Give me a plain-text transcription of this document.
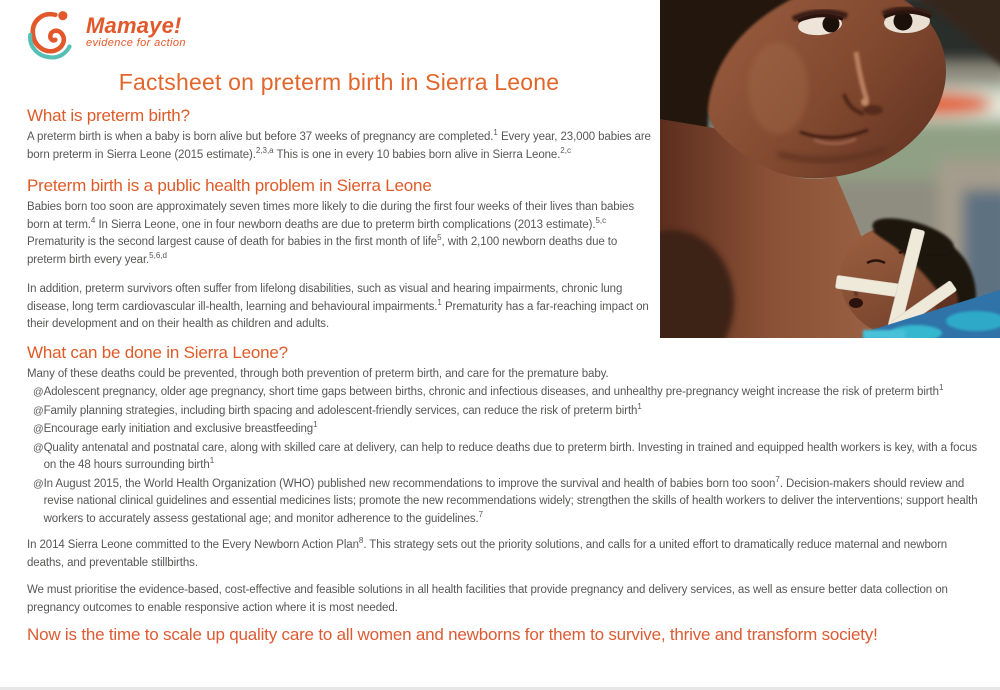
Mamaye!
evidence for action
Factsheet on preterm birth in Sierra Leone
What is preterm birth?

A preterm birth is when a baby is born alive but before 37 weeks of pregnancy are completed.$^1$ Every year, 23,000 babies are born preterm in Sierra Leone (2015 estimate).$^{2,3,a}$ This is one in every 10 babies born alive in Sierra Leone.$^{2,c}$

Preterm birth is a public health problem in Sierra Leone

Babies born too soon are approximately seven times more likely to die during the first four weeks of their lives than babies born at term.$^4$ In Sierra Leone, one in four newborn deaths are due to preterm birth complications (2013 estimate).$^{5,c}$ Prematurity is the second largest cause of death for babies in the first month of life$^5$, with 2,100 newborn deaths due to preterm birth every year.$^{5,6,d}$

In addition, preterm survivors often suffer from lifelong disabilities, such as visual and hearing impairments, chronic lung disease, long term cardiovascular ill-health, learning and behavioural impairments.$^1$ Prematurity has a far-reaching impact on their development and on their health as children and adults.

What can be done in Sierra Leone?

Many of these deaths could be prevented, through both prevention of preterm birth, and care for the premature baby.

@ Adolescent pregnancy, older age pregnancy, short time gaps between births, chronic and infectious diseases, and unhealthy pre-pregnancy weight increase the risk of preterm birth$^1$
@ Family planning strategies, including birth spacing and adolescent-friendly services, can reduce the risk of preterm birth$^1$
@ Encourage early initiation and exclusive breastfeeding$^1$
@ Quality antenatal and postnatal care, along with skilled care at delivery, can help to reduce deaths due to preterm birth. Investing in trained and equipped health workers is key, with a focus on the 48 hours surrounding birth$^1$
@ In August 2015, the World Health Organization (WHO) published new recommendations to improve the survival and health of babies born too soon$^7$. Decision-makers should review and revise national clinical guidelines and essential medicines lists; promote the new recommendations widely; strengthen the skills of health workers to deliver the interventions; support health workers to accurately assess gestational age; and monitor adherence to the guidelines.$^7$

In 2014 Sierra Leone committed to the Every Newborn Action Plan$^8$. This strategy sets out the priority solutions, and calls for a united effort to dramatically reduce maternal and newborn deaths, and preventable stillbirths.

We must prioritise the evidence-based, cost-effective and feasible solutions in all health facilities that provide pregnancy and delivery services, as well as ensure better data collection on pregnancy outcomes to enable responsive action where it is most needed.

Now is the time to scale up quality care to all women and newborns for them to survive, thrive and transform society!
